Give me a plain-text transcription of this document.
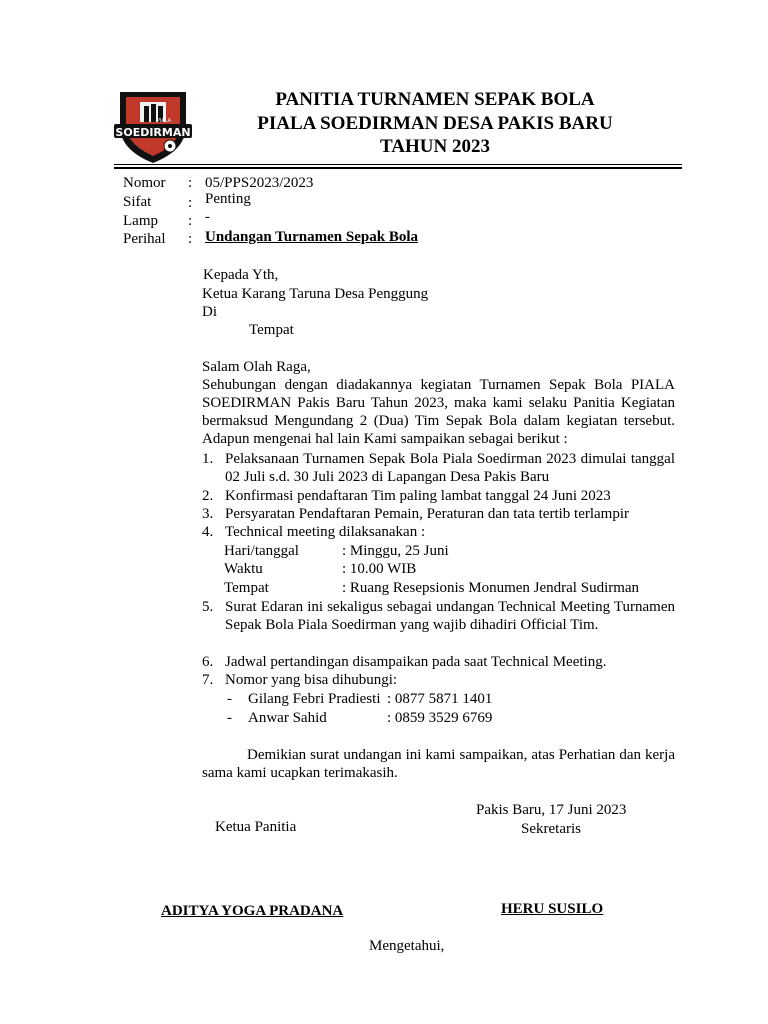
SOEDIRMAN
PIALA
PANITIA TURNAMEN SEPAK BOLA
PIALA SOEDIRMAN DESA PAKIS BARU
TAHUN 2023
Nomor : 05/PPS2023/2023
Sifat : Penting
Lamp : -
Perihal : Undangan Turnamen Sepak Bola
Kepada Yth,
Ketua Karang Taruna Desa Penggung
Di
Tempat
Salam Olah Raga,
Sehubungan dengan diadakannya kegiatan Turnamen Sepak Bola PIALA SOEDIRMAN Pakis Baru Tahun 2023, maka kami selaku Panitia Kegiatan bermaksud Mengundang 2 (Dua) Tim Sepak Bola dalam kegiatan tersebut. Adapun mengenai hal lain Kami sampaikan sebagai berikut :
1. Pelaksanaan Turnamen Sepak Bola Piala Soedirman 2023 dimulai tanggal 02 Juli s.d. 30 Juli 2023 di Lapangan Desa Pakis Baru
2. Konfirmasi pendaftaran Tim paling lambat tanggal 24 Juni 2023
3. Persyaratan Pendaftaran Pemain, Peraturan dan tata tertib terlampir
4. Technical meeting dilaksanakan :
Hari/tanggal	: Minggu, 25 Juni
Waktu	: 10.00 WIB
Tempat	: Ruang Resepsionis Monumen Jendral Sudirman
5. Surat Edaran ini sekaligus sebagai undangan Technical Meeting Turnamen Sepak Bola Piala Soedirman yang wajib dihadiri Official Tim.
6. Jadwal pertandingan disampaikan pada saat Technical Meeting.
7. Nomor yang bisa dihubungi:
- Gilang Febri Pradiesti : 0877 5871 1401
- Anwar Sahid	: 0859 3529 6769
Demikian surat undangan ini kami sampaikan, atas Perhatian dan kerja sama kami ucapkan terimakasih.
Pakis Baru, 17 Juni 2023
Sekretaris
Ketua Panitia
ADITYA YOGA PRADANA	HERU SUSILO
Mengetahui,
